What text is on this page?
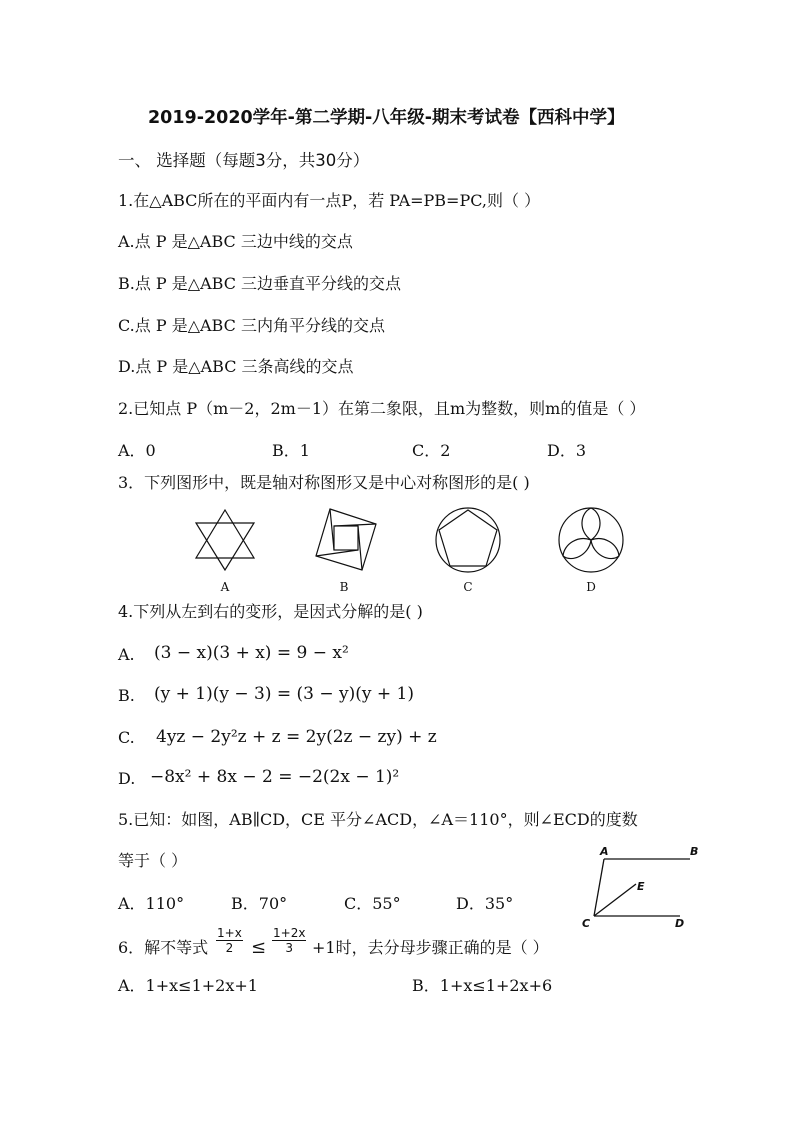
2019-2020学年-第二学期-八年级-期末考试卷【西科中学】
一、 选择题（每题3分，共30分）
1.在△ABC所在的平面内有一点P，若 PA=PB=PC,则（ ）
A.点 P 是△ABC 三边中线的交点
B.点 P 是△ABC 三边垂直平分线的交点
C.点 P 是△ABC 三内角平分线的交点
D.点 P 是△ABC 三条高线的交点
2.已知点 P（m－2，2m－1）在第二象限，且m为整数，则m的值是（ ）
A．0	B．1	C．2	D．3
3．下列图形中，既是轴对称图形又是中心对称图形的是( )
A	B	C	D
4.下列从左到右的变形，是因式分解的是( )
A. (3 − x)(3 + x) = 9 − x²
B. (y + 1)(y − 3) = (3 − y)(y + 1)
C. 4yz − 2y²z + z = 2y(2z − zy) + z
D. −8x² + 8x − 2 = −2(2x − 1)²
5.已知：如图，AB∥CD，CE 平分∠ACD，∠A＝110°，则∠ECD的度数
等于（ ）
A．110°	B．70°	C．55°	D．35°
A	B
E
C	D
6．解不等式 $\frac{1+x}{2} \le \frac{1+2x}{3} +1$时，去分母步骤正确的是（ ）
A．1+x≤1+2x+1	B．1+x≤1+2x+6
